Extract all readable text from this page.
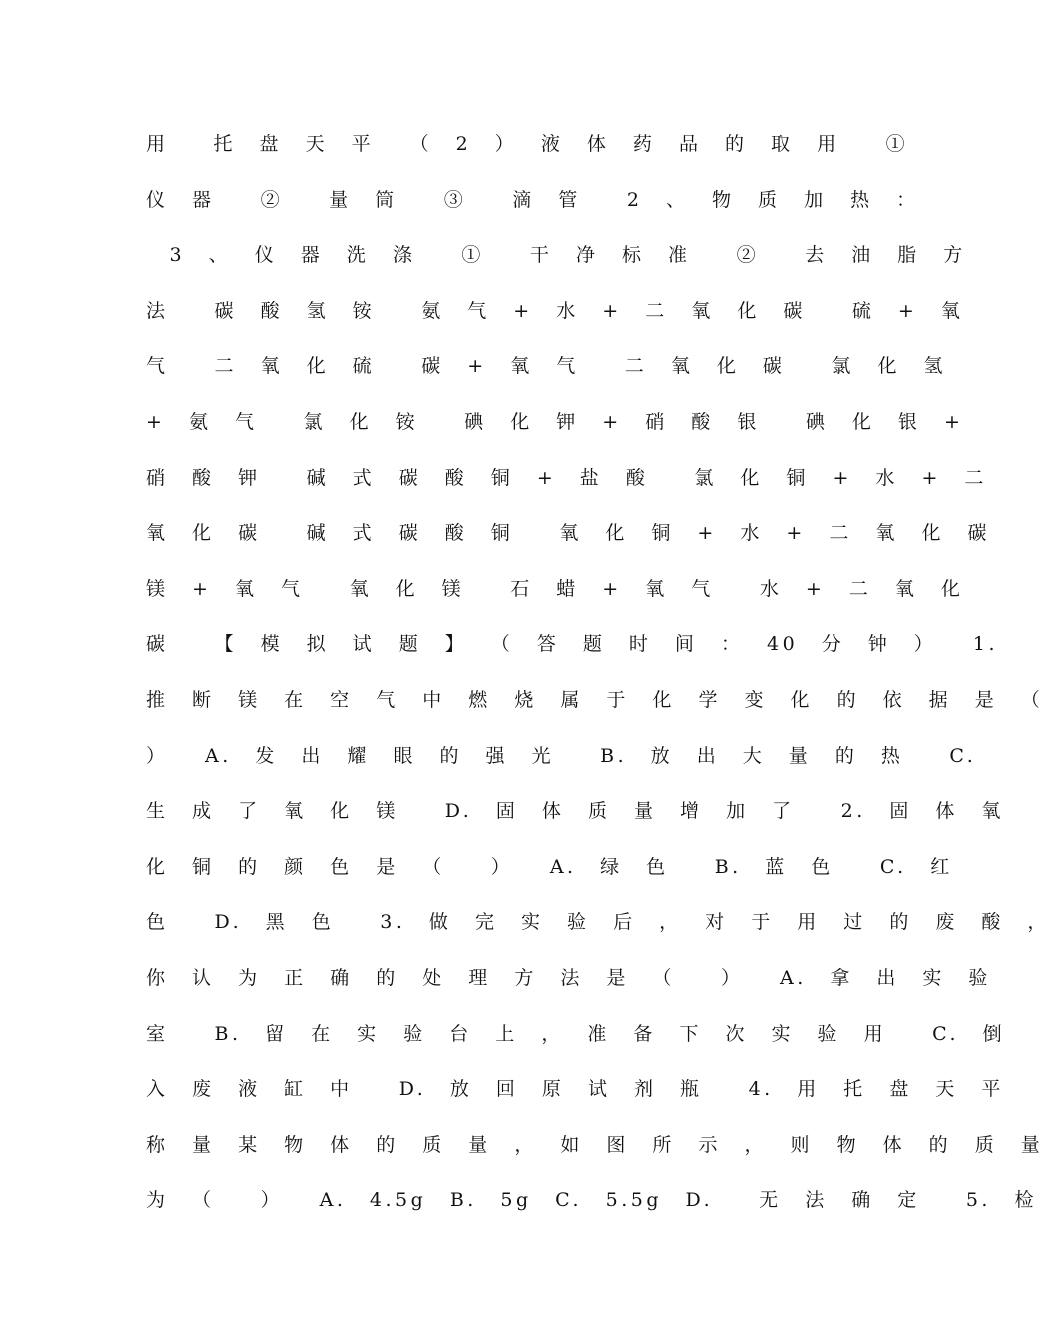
用　　托 盘 天 平　　（ 2 ） 液 体 药 品 的 取 用　 ①
仪 器　 ②　 量 筒　 ③　 滴 管　 2 、 物 质 加 热 ：
3 、 仪 器 洗 涤　 ①　 干 净 标 准　 ②　 去 油 脂 方
法　 碳 酸 氢 铵　 氨 气 + 水 + 二 氧 化 碳　 硫 + 氧
气　 二 氧 化 硫　 碳 + 氧 气　 二 氧 化 碳　 氯 化 氢
+ 氨 气　 氯 化 铵　 碘 化 钾 + 硝 酸 银　 碘 化 银 +
硝 酸 钾　 碱 式 碳 酸 铜 + 盐 酸　 氯 化 铜 + 水 + 二
氧 化 碳　 碱 式 碳 酸 铜　 氧 化 铜 + 水 + 二 氧 化 碳
镁 + 氧 气　 氧 化 镁　 石 蜡 + 氧 气　 水 + 二 氧 化
碳　 【 模 拟 试 题 】 （ 答 题 时 间 ： 40 分 钟 ）　 1.
推 断 镁 在 空 气 中 燃 烧 属 于 化 学 变 化 的 依 据 是 （
）　 A. 发 出 耀 眼 的 强 光　 B. 放 出 大 量 的 热　 C.
生 成 了 氧 化 镁　 D. 固 体 质 量 增 加 了　 2. 固 体 氧
化 铜 的 颜 色 是 （　 ）　 A. 绿 色　 B. 蓝 色　 C. 红
色　 D. 黑 色　 3. 做 完 实 验 后 ， 对 于 用 过 的 废 酸 ，
你 认 为 正 确 的 处 理 方 法 是 （　 ）　 A. 拿 出 实 验
室　 B. 留 在 实 验 台 上 ， 准 备 下 次 实 验 用　 C. 倒
入 废 液 缸 中　 D. 放 回 原 试 剂 瓶　 4. 用 托 盘 天 平
称 量 某 物 体 的 质 量 ， 如 图 所 示 ， 则 物 体 的 质 量
为 （　 ）　 A. 4.5g B. 5g C. 5.5g D.　 无 法 确 定　 5. 检
